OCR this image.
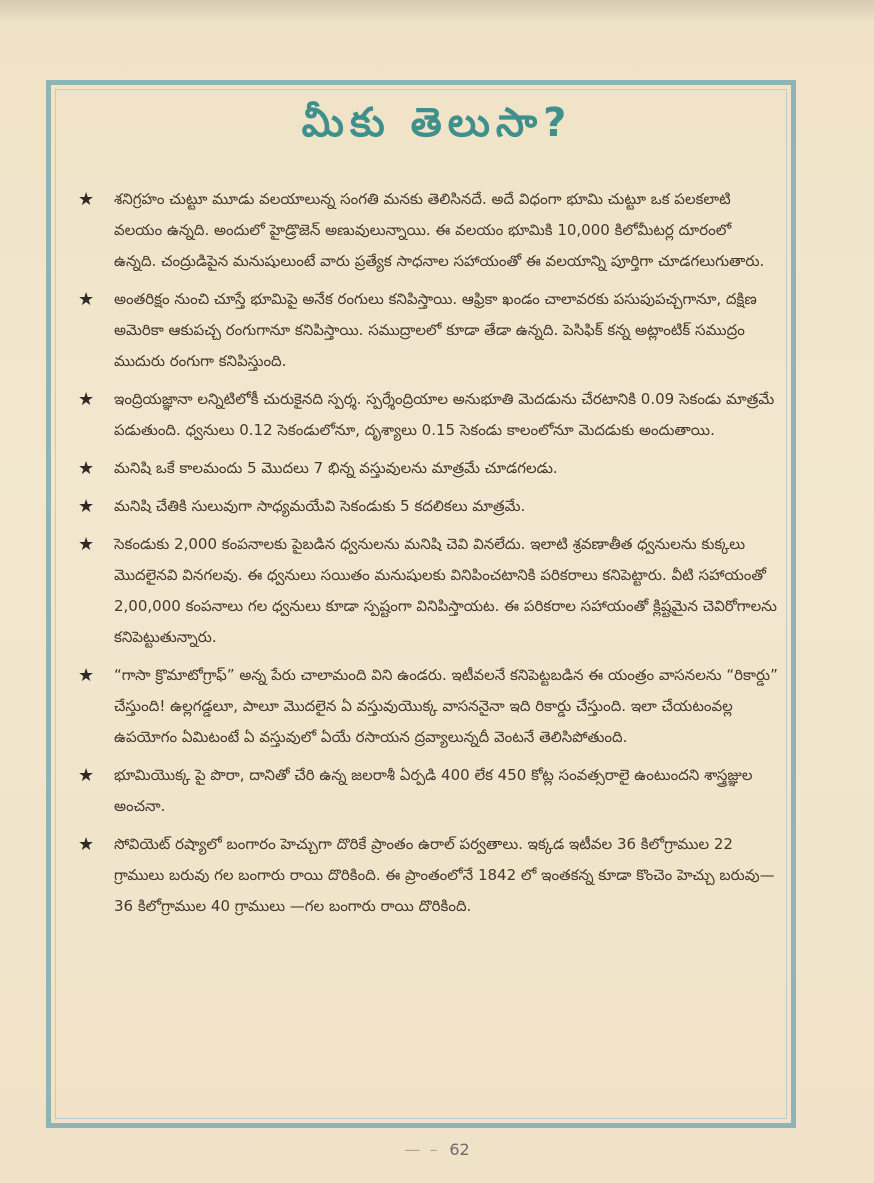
మీకు తెలుసా?
★ శనిగ్రహం చుట్టూ మూడు వలయాలున్న సంగతి మనకు తెలిసినదే. అదే విధంగా భూమి చుట్టూ ఒక పలకలాటి వలయం ఉన్నది. అందులో హైడ్రొజెన్ అణువులున్నాయి. ఈ వలయం భూమికి 10,000 కిలోమీటర్ల దూరంలో ఉన్నది. చంద్రుడిపైన మనుషులుంటే వారు ప్రత్యేక సాధనాల సహాయంతో ఈ వలయాన్ని పూర్తిగా చూడగలుగుతారు.
★ అంతరిక్షం నుంచి చూస్తే భూమిపై అనేక రంగులు కనిపిస్తాయి. ఆఫ్రికా ఖండం చాలావరకు పసుపుపచ్చగానూ, దక్షిణ అమెరికా ఆకుపచ్చ రంగుగానూ కనిపిస్తాయి. సముద్రాలలో కూడా తేడా ఉన్నది. పెసిఫిక్ కన్న అట్లాంటిక్ సముద్రం ముదురు రంగుగా కనిపిస్తుంది.
★ ఇంద్రియజ్ఞానా లన్నిటిలోకీ చురుకైనది స్పర్శ. స్పర్శేంద్రియాల అనుభూతి మెదడును చేరటానికి 0.09 సెకండు మాత్రమే పడుతుంది. ధ్వనులు 0.12 సెకండులోనూ, దృశ్యాలు 0.15 సెకండు కాలంలోనూ మెదడుకు అందుతాయి.
★ మనిషి ఒకే కాలమందు 5 మొదలు 7 భిన్న వస్తువులను మాత్రమే చూడగలడు.
★ మనిషి చేతికి సులువుగా సాధ్యమయేవి సెకండుకు 5 కదలికలు మాత్రమే.
★ సెకండుకు 2,000 కంపనాలకు పైబడిన ధ్వనులను మనిషి చెవి వినలేదు. ఇలాటి శ్రవణాతీత ధ్వనులను కుక్కలు మొదలైనవి వినగలవు. ఈ ధ్వనులు సయితం మనుషులకు వినిపించటానికి పరికరాలు కనిపెట్టారు. వీటి సహాయంతో 2,00,000 కంపనాలు గల ధ్వనులు కూడా స్పష్టంగా వినిపిస్తాయట. ఈ పరికరాల సహాయంతో క్లిష్టమైన చెవిరోగాలను కనిపెట్టుతున్నారు.
★ “గాసా క్రొమాటోగ్రాఫ్” అన్న పేరు చాలామంది విని ఉండరు. ఇటీవలనే కనిపెట్టబడిన ఈ యంత్రం వాసనలను “రికార్డు” చేస్తుంది! ఉల్లగడ్డలూ, పాలూ మొదలైన ఏ వస్తువుయొక్క వాసననైనా ఇది రికార్డు చేస్తుంది. ఇలా చేయటంవల్ల ఉపయోగం ఏమిటంటే ఏ వస్తువులో ఏయే రసాయన ద్రవ్యాలున్నదీ వెంటనే తెలిసిపోతుంది.
★ భూమియొక్క పై పొరా, దానితో చేరి ఉన్న జలరాశీ ఏర్పడి 400 లేక 450 కోట్ల సంవత్సరాలై ఉంటుందని శాస్త్రజ్ఞుల అంచనా.
★ సోవియెట్ రష్యాలో బంగారం హెచ్చుగా దొరికే ప్రాంతం ఉరాల్ పర్వతాలు. ఇక్కడ ఇటీవల 36 కిలోగ్రాముల 22 గ్రాములు బరువు గల బంగారు రాయి దొరికింది. ఈ ప్రాంతంలోనే 1842 లో ఇంతకన్న కూడా కొంచెం హెచ్చు బరువు— 36 కిలోగ్రాముల 40 గ్రాములు —గల బంగారు రాయి దొరికింది.
— – 62
